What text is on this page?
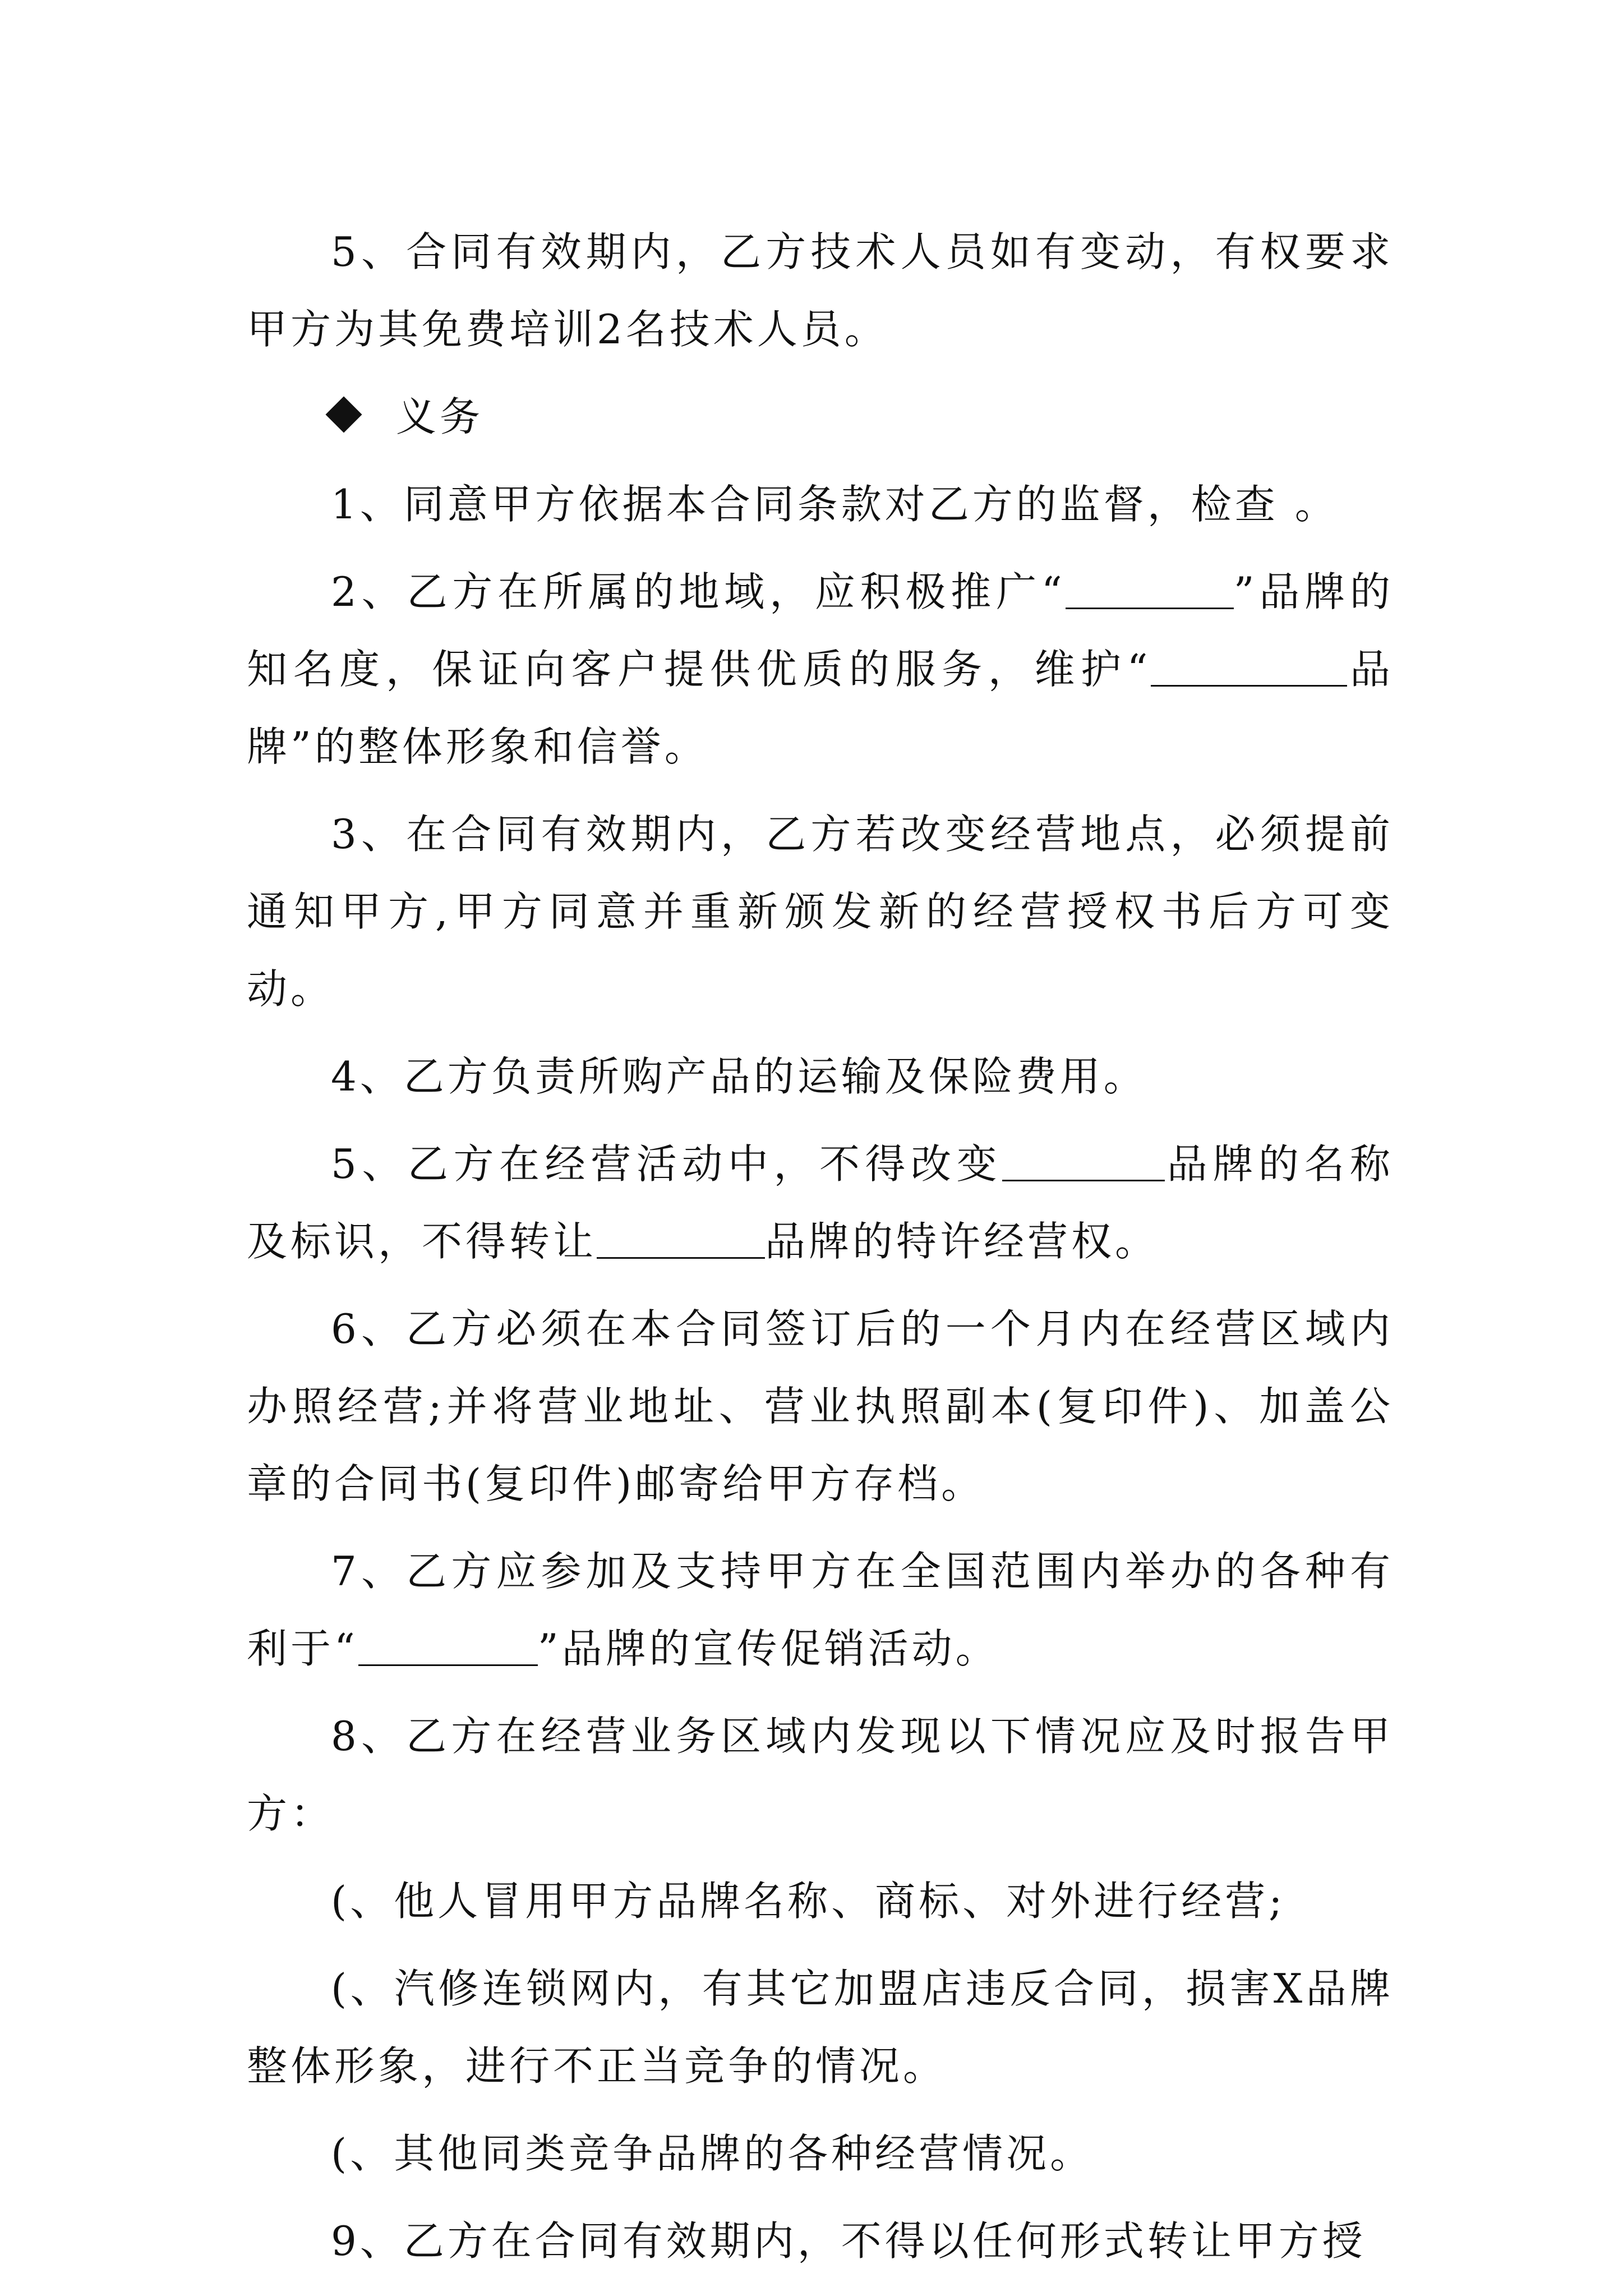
5、合同有效期内，乙方技术人员如有变动，有权要求甲方为其免费培训2名技术人员。

义务

1、同意甲方依据本合同条款对乙方的监督，检查 。

2、乙方在所属的地域，应积极推广“	”品牌的知名度，保证向客户提供优质的服务，维护“	品牌”的整体形象和信誉。

3、在合同有效期内，乙方若改变经营地点，必须提前通知甲方,甲方同意并重新颁发新的经营授权书后方可变动。

4、乙方负责所购产品的运输及保险费用。

5、乙方在经营活动中，不得改变	品牌的名称及标识，不得转让	品牌的特许经营权。

6、乙方必须在本合同签订后的一个月内在经营区域内办照经营;并将营业地址、营业执照副本(复印件)、加盖公章的合同书(复印件)邮寄给甲方存档。

7、乙方应参加及支持甲方在全国范围内举办的各种有利于“	”品牌的宣传促销活动。

8、乙方在经营业务区域内发现以下情况应及时报告甲方：

(、他人冒用甲方品牌名称、商标、对外进行经营;

(、汽修连锁网内，有其它加盟店违反合同，损害X品牌整体形象，进行不正当竞争的情况。

(、其他同类竞争品牌的各种经营情况。

9、乙方在合同有效期内，不得以任何形式转让甲方授
